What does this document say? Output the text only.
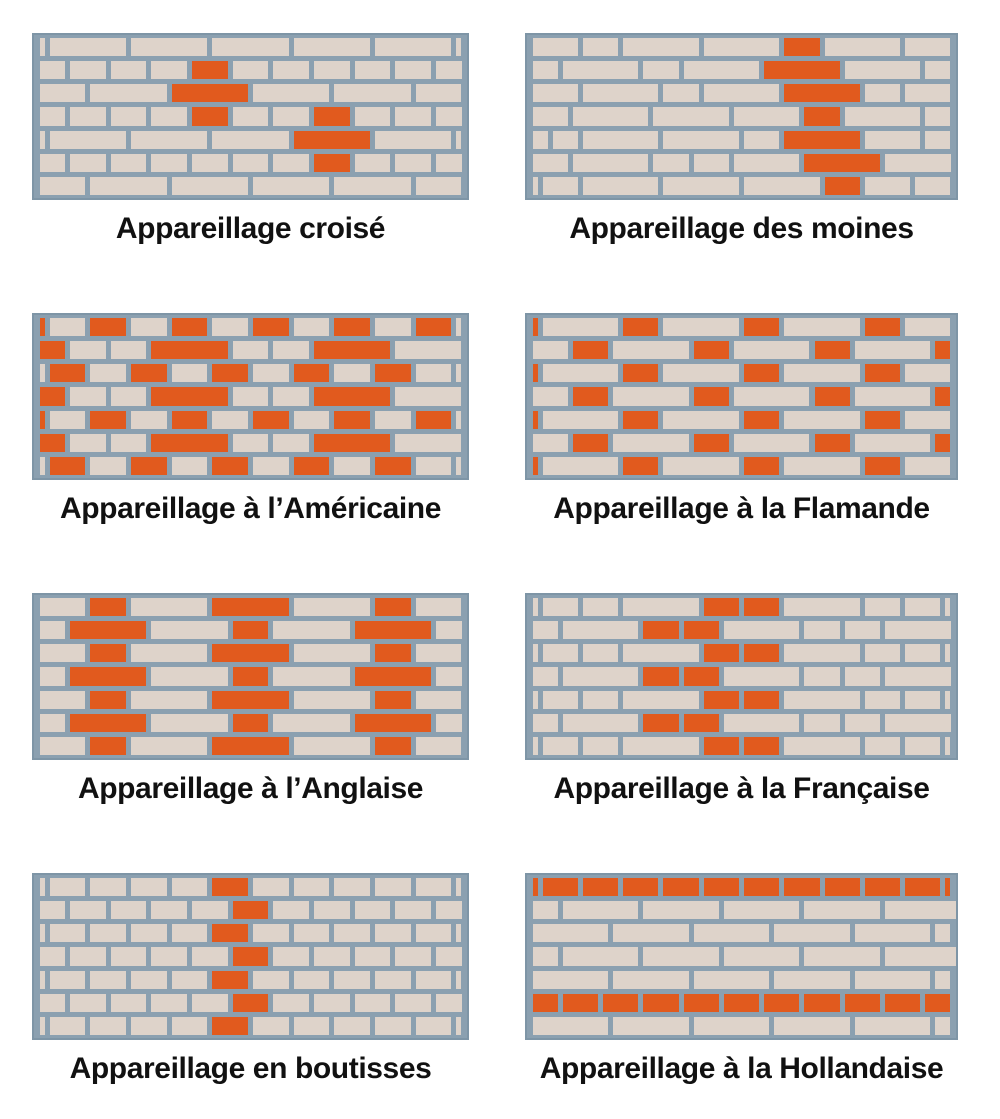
Appareillage croisé	Appareillage des moines
Appareillage à l’Américaine	Appareillage à la Flamande
Appareillage à l’Anglaise	Appareillage à la Française
Appareillage en boutisses	Appareillage à la Hollandaise
